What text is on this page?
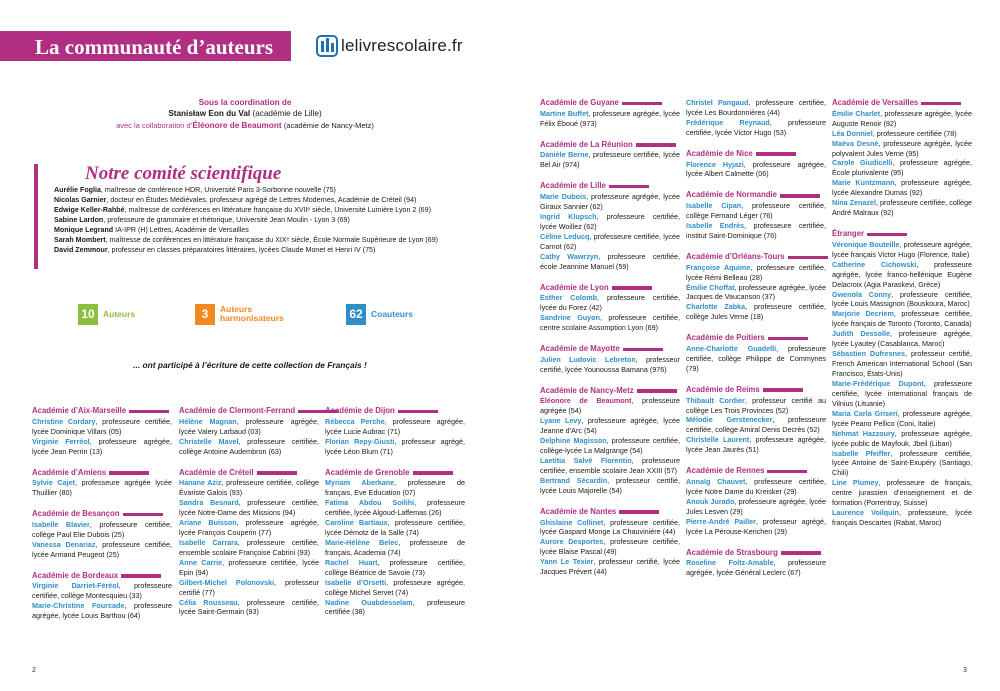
La communauté d’auteurs	lelivrescolaire.fr
Sous la coordination de
Stanisław Eon du Val (académie de Lille)
avec la collaboration d’Éléonore de Beaumont (académie de Nancy-Metz)
Notre comité scientifique
Aurélie Foglia, maîtresse de conférence HDR, Université Paris 3-Sorbonne nouvelle (75)
Nicolas Garnier, docteur en Études Médiévales, professeur agrégé de Lettres Modernes, Académie de Créteil (94)
Edwige Keller-Rahbé, maîtresse de conférences en littérature française du XVIIᵉ siècle, Université Lumière Lyon 2 (69)
Sabine Lardon, professeure de grammaire et rhétorique, Université Jean Moulin - Lyon 3 (69)
Monique Legrand IA-IPR (H) Lettres, Académie de Versailles
Sarah Mombert, maîtresse de conférences en littérature française du XIXᵉ siècle, École Normale Supérieure de Lyon (69)
David Zemmour, professeur en classes préparatoires littéraires, lycées Claude Monet et Henri IV (75)
10 Auteurs	3	Auteurs harmonisateurs	62 Coauteurs
... ont participé à l’écriture de cette collection de Français !
Académie d’Aix-Marseille
Christine Cordary, professeure certifiée, lycée Dominique Villars (05)
Virginie Ferréol, professeure agrégée, lycée Jean Perrin (13)
Académie d’Amiens
Sylvie Cajet, professeure agrégée lycée Thuillier (80)
Académie de Besançon
Isabelle Blavier, professeure certifiée, collège Paul Elie Dubois (25)
Vanessa Denariaz, professeure certifiée, lycée Armand Peugeot (25)
Académie de Bordeaux
Virginie Darriet-Féréol, professeure certifiée, collège Montesquieu (33)
Marie-Christine Fourcade, professeure agrégée, lycée Louis Barthou (64)
Académie de Clermont-Ferrand
Hélène Magnan, professeure agrégée, lycée Valery Larbaud (03)
Christelle Mavel, professeure certifiée, collège Antoine Audembron (63)
Académie de Créteil
Hanane Aziz, professeure certifiée, collège Évariste Galois (93)
Sandra Besnard, professeure certifiée, lycée Notre-Dame des Missions (94)
Ariane Buisson, professeure agrégée, lycée François Couperin (77)
Isabelle Carrara, professeure certifiée, ensemble scolaire Françoise Cabrini (93)
Anne Carrie, professeure certifiée, lycée Epin (94)
Gilbert-Michel Polonovski, professeur certifié (77)
Célia Rousseau, professeure certifiée, lycée Saint-Germain (93)
Académie de Dijon
Rébecca Perche, professeure agrégée, lycée Lucie Aubrac (71)
Florian Repy-Giusti, professeur agrégé, lycée Léon Blum (71)
Académie de Grenoble
Myriam Aberkane, professeure de français, Eve Education (07)
Fatima Abdou Soilihi, professeure certifiée, lycée Algoud-Laffemas (26)
Caroline Bartiaux, professeure certifiée, lycée Démotz de la Salle (74)
Marie-Hélène Belec, professeure de français, Academia (74)
Rachel Huart, professeure certifiée, collège Béatrice de Savoie (73)
Isabelle d’Orsetti, professeure agrégée, collège Michel Servet (74)
Nadine Ouabdesselam, professeure certifiée (38)
Académie de Guyane
Martine Buffet, professeure agrégée, lycée Félix Éboué (973)
Académie de La Réunion
Danièle Berne, professeure certifiée, lycée Bel Air (974)
Académie de Lille
Marie Dubois, professeure agrégée, lycée Giraux Sannier (62)
Ingrid Klupsch, professeure certifiée, lycée Woillez (62)
Céline Leducq, professeure certifiée, lycée Carnot (62)
Cathy Wawrzyn, professeure certifiée, école Jeannine Manuel (59)
Académie de Lyon
Esther Colomb, professeure certifiée, lycée du Forez (42)
Sandrine Guyon, professeure certifiée, centre scolaire Assomption Lyon (69)
Académie de Mayotte
Julien Ludovic Lebreton, professeur certifié, lycée Younoussa Bamana (976)
Académie de Nancy-Metz
Éléonore de Beaumont, professeure agrégée (54)
Lyane Levy, professeure agrégée, lycée Jeanne d’Arc (54)
Delphine Magisson, professeure certifiée, collège-lycée La Malgrange (54)
Laetitia Salvé Florentin, professeure certifiée, ensemble scolaire Jean XXIII (57)
Bertrand Sécardin, professeur certifié, lycée Louis Majorelle (54)
Académie de Nantes
Ghislaine Collinet, professeure certifiée, lycée Gaspard Monge La Chauvinière (44)
Aurore Desportes, professeure certifiée, lycée Blaise Pascal (49)
Yann Le Texier, professeur certifié, lycée Jacques Prévert (44)
Christel Pangaud, professeure certifiée, lycée Les Bourdonnières (44)
Frédérique Reynaud, professeure certifiée, lycée Victor Hugo (53)
Académie de Nice
Florence Hyjazi, professeure agrégée, lycée Albert Calmette (06)
Académie de Normandie
Isabelle Cipan, professeure certifiée, collège Fernand Léger (76)
Isabelle Endrès, professeure certifiée, institut Saint-Dominique (76)
Académie d’Orléans-Tours
Françoise Aquime, professeure certifiée, lycée Rémi Belleau (28)
Émilie Choffat, professeure agrégée, lycée Jacques de Vaucanson (37)
Charlotte Zabka, professeure certifiée, collège Jules Verne (18)
Académie de Poitiers
Anne-Charlotte Guadelli, professeure certifiée, collège Philippe de Commynes (79)
Académie de Reims
Thibault Cordier, professeur certifié au collège Les Trois Provinces (52)
Mélodie Gerstenecker, professeure certifiée, collège Amiral Denis Decrès (52)
Christelle Laurent, professeure agrégée, lycée Jean Jaurès (51)
Académie de Rennes
Annaïg Chauvet, professeure certifiée, lycée Notre Dame du Kreisker (29)
Anouk Jurado, professeure agrégée, lycée Jules Lesven (29)
Pierre-André Pailler, professeur agrégé, lycée La Pérouse-Kerichen (29)
Académie de Strasbourg
Roseline Foltz-Amable, professeure agrégée, lycée Général Leclerc (67)
Académie de Versailles
Émilie Charlet, professeure agrégée, lycée Auguste Renoir (92)
Léa Donniel, professeure certifiée (78)
Maëva Desné, professeure agrégée, lycée polyvalent Jules Verne (95)
Carole Giudicelli, professeure agrégée, École plurivalente (95)
Marie Kuntzmann, professeure agrégée, lycée Alexandre Dumas (92)
Nina Zenazel, professeure certifiée, collège André Malraux (92)
Étranger
Véronique Bouteille, professeure agrégée, lycée français Victor Hugo (Florence, Italie)
Catherine Cichowski, professeure agrégée, lycée franco-hellénique Eugène Delacroix (Agia Paraskevi, Grèce)
Gwenola Conny, professeure certifiée, lycée Louis Massignon (Bouskoura, Maroc)
Marjorie Decriem, professeure certifiée, lycée français de Toronto (Toronto, Canada)
Judith Dessolle, professeure agrégée, lycée Lyautey (Casablanca, Maroc)
Sébastien Dufresnes, professeur certifié, French American International School (San Francisco, États-Unis)
Marie-Frédérique Dupont, professeure certifiée, lycée international français de Vilnius (Lituanie)
Maria Carla Griseri, professeure agrégée, lycée Peano Pellico (Coni, Italie)
Nehmat Hazzoury, professeure agrégée, lycée public de Mayfouk, Jbeil (Liban)
Isabelle Pfeiffer, professeure certifiée, lycée Antoine de Saint-Exupéry (Santiago, Chili)
Line Plumey, professeure de français, centre jurassien d’enseignement et de formation (Porrentruy, Suisse)
Laurence Voilquin, professeure, lycée français Descartes (Rabat, Maroc)
2	3
